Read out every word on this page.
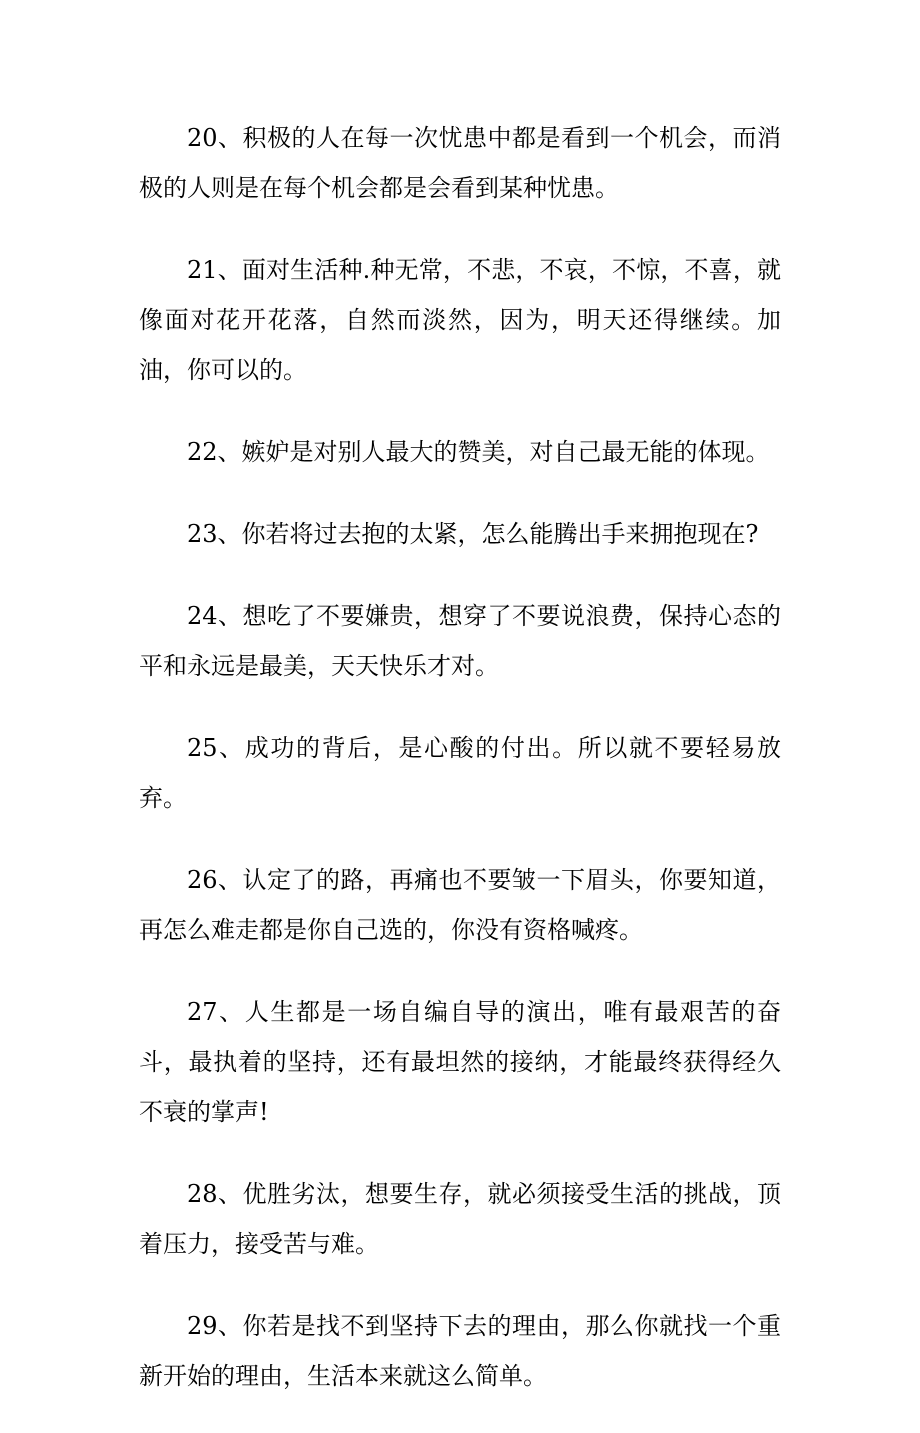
20、积极的人在每一次忧患中都是看到一个机会，而消极的人则是在每个机会都是会看到某种忧患。

21、面对生活种.种无常，不悲，不哀，不惊，不喜，就像面对花开花落，自然而淡然，因为，明天还得继续。加油，你可以的。

22、嫉妒是对别人最大的赞美，对自己最无能的体现。

23、你若将过去抱的太紧，怎么能腾出手来拥抱现在?

24、想吃了不要嫌贵，想穿了不要说浪费，保持心态的平和永远是最美，天天快乐才对。

25、成功的背后，是心酸的付出。所以就不要轻易放弃。

26、认定了的路，再痛也不要皱一下眉头，你要知道，再怎么难走都是你自己选的，你没有资格喊疼。

27、人生都是一场自编自导的演出，唯有最艰苦的奋斗，最执着的坚持，还有最坦然的接纳，才能最终获得经久不衰的掌声!

28、优胜劣汰，想要生存，就必须接受生活的挑战，顶着压力，接受苦与难。

29、你若是找不到坚持下去的理由，那么你就找一个重新开始的理由，生活本来就这么简单。
